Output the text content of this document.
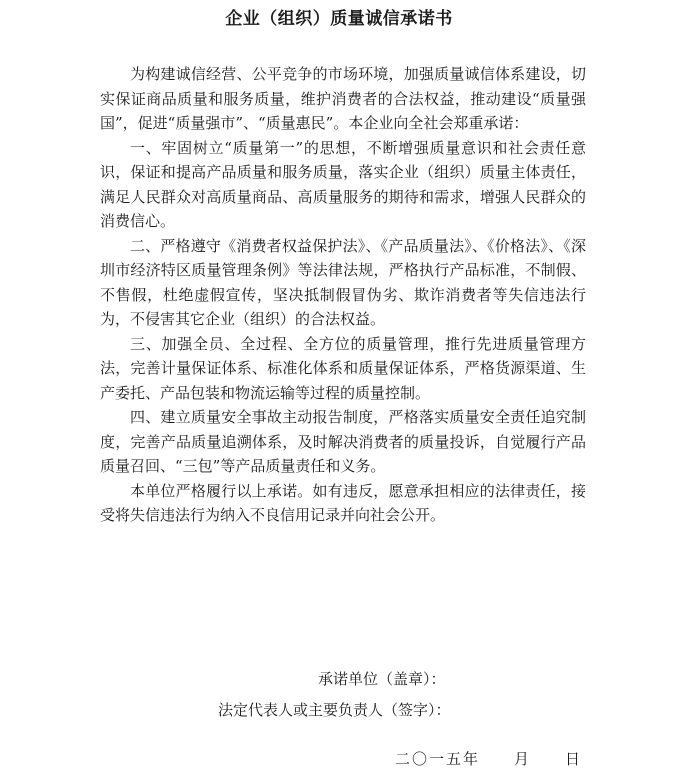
企业（组织）质量诚信承诺书

为构建诚信经营、公平竞争的市场环境，加强质量诚信体系建设，切实保证商品质量和服务质量，维护消费者的合法权益，推动建设“质量强国”，促进“质量强市”、“质量惠民”。本企业向全社会郑重承诺：

一、牢固树立“质量第一”的思想，不断增强质量意识和社会责任意识，保证和提高产品质量和服务质量，落实企业（组织）质量主体责任，满足人民群众对高质量商品、高质量服务的期待和需求，增强人民群众的消费信心。

二、严格遵守《消费者权益保护法》、《产品质量法》、《价格法》、《深圳市经济特区质量管理条例》等法律法规，严格执行产品标准，不制假、不售假，杜绝虚假宣传，坚决抵制假冒伪劣、欺诈消费者等失信违法行为，不侵害其它企业（组织）的合法权益。

三、加强全员、全过程、全方位的质量管理，推行先进质量管理方法，完善计量保证体系、标准化体系和质量保证体系，严格货源渠道、生产委托、产品包装和物流运输等过程的质量控制。

四、建立质量安全事故主动报告制度，严格落实质量安全责任追究制度，完善产品质量追溯体系，及时解决消费者的质量投诉，自觉履行产品质量召回、“三包”等产品质量责任和义务。

本单位严格履行以上承诺。如有违反，愿意承担相应的法律责任，接受将失信违法行为纳入不良信用记录并向社会公开。

承诺单位（盖章）：
法定代表人或主要负责人（签字）：
二〇一五年　　月　　日
